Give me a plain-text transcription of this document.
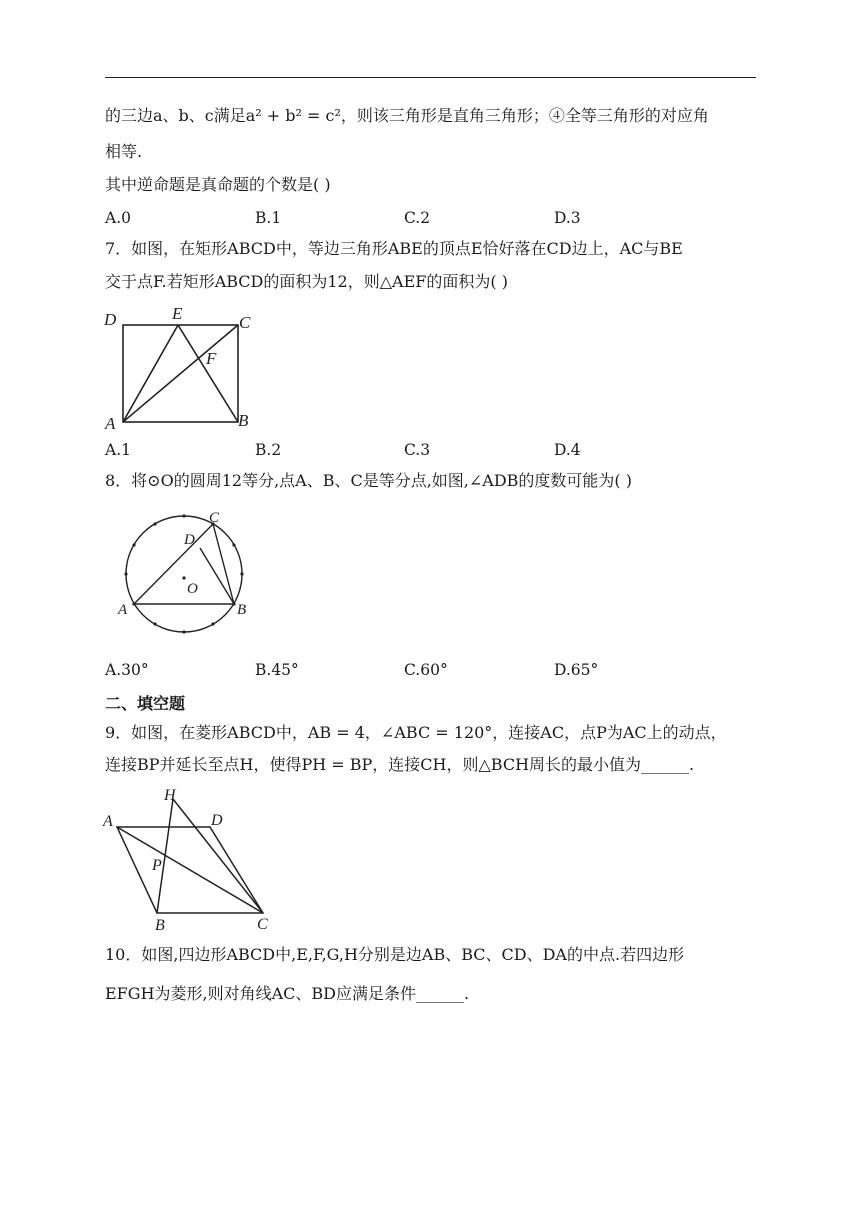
的三边a、b、c满足a² + b² = c²，则该三角形是直角三角形；④全等三角形的对应角
相等.
其中逆命题是真命题的个数是( )
A.0	B.1	C.2	D.3
7．如图，在矩形ABCD中，等边三角形ABE的顶点E恰好落在CD边上，AC与BE
交于点F.若矩形ABCD的面积为12，则△AEF的面积为( )
D	E	C
F
A	B
A.1	B.2	C.3	D.4
8．将⊙O的圆周12等分,点A、B、C是等分点,如图,∠ADB的度数可能为( )
C
D
O
A	B
A.30°	B.45°	C.60°	D.65°
二、填空题
9．如图，在菱形ABCD中，AB = 4，∠ABC = 120°，连接AC，点P为AC上的动点，
连接BP并延长至点H，使得PH = BP，连接CH，则△BCH周长的最小值为______.
H
A	D
P
B	C
10．如图,四边形ABCD中,E,F,G,H分别是边AB、BC、CD、DA的中点.若四边形
EFGH为菱形,则对角线AC、BD应满足条件______.
